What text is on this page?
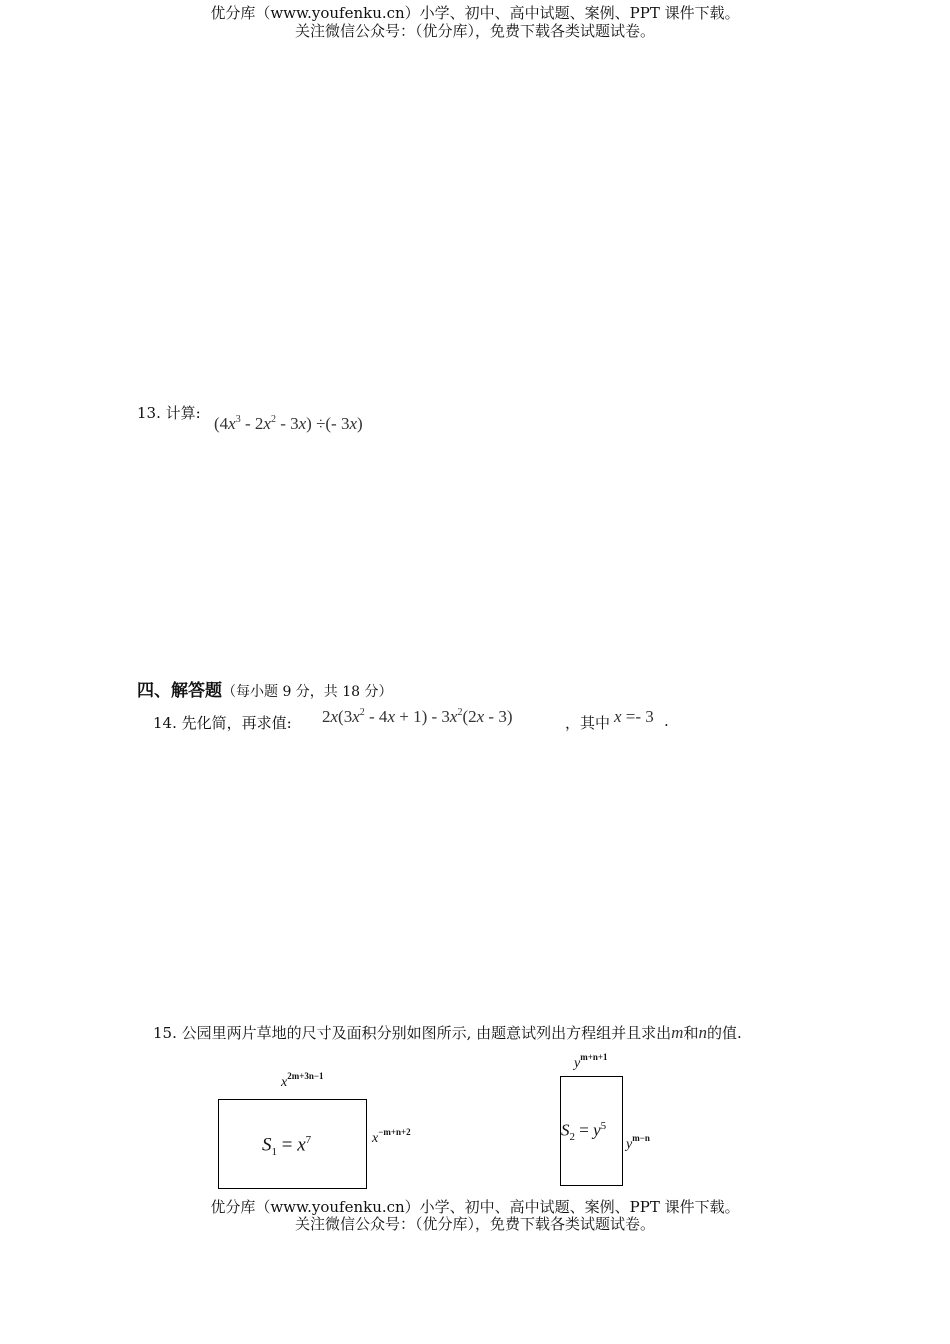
优分库（www.youfenku.cn）小学、初中、高中试题、案例、PPT 课件下载。
关注微信公众号：（优分库），免费下载各类试题试卷。
13. 计算:
$(4x^3 - 2x^2 - 3x)$ ÷(- 3x)
四、解答题（每小题 9 分，共 18 分）
14. 先化简，再求值: $2x(3x^2 - 4x + 1) - 3x^2(2x - 3)$	，其中 x =- 3 .
15. 公园里两片草地的尺寸及面积分别如图所示, 由题意试列出方程组并且求出m和n的值.
$x^{2m+3n-1}$
$S_1 = x^7$	$x^{-m+n+2}$
$y^{m+n+1}$
$S_2 = y^5$
$y^{m-n}$
优分库（www.youfenku.cn）小学、初中、高中试题、案例、PPT 课件下载。
关注微信公众号：（优分库），免费下载各类试题试卷。
